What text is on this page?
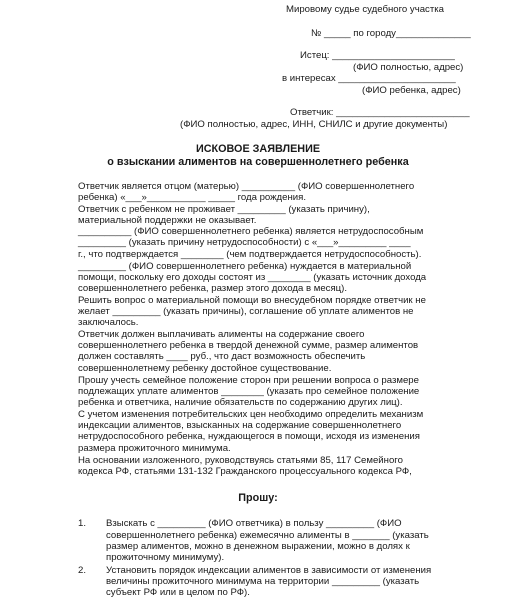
Мировому судье судебного участка
№ _____ по городу______________
Истец: _______________________
(ФИО полностью, адрес)
в интересах ______________________
(ФИО ребенка, адрес)
Ответчик: _________________________
(ФИО полностью, адрес, ИНН, СНИЛС и другие документы)
ИСКОВОЕ ЗАЯВЛЕНИЕ
о взыскании алиментов на совершеннолетнего ребенка
Ответчик является отцом (матерью) __________ (ФИО совершеннолетнего
ребенка) «___»___________ _____ года рождения.
Ответчик с ребенком не проживает _________ (указать причину),
материальной поддержки не оказывает.
__________ (ФИО совершеннолетнего ребенка) является нетрудоспособным
_________ (указать причину нетрудоспособности) с «___»_________ ____
г., что подтверждается ________ (чем подтверждается нетрудоспособность).
_________ (ФИО совершеннолетнего ребенка) нуждается в материальной
помощи, поскольку его доходы состоят из ________ (указать источник дохода
совершеннолетнего ребенка, размер этого дохода в месяц).
Решить вопрос о материальной помощи во внесудебном порядке ответчик не
желает _________ (указать причины), соглашение об уплате алиментов не
заключалось.
Ответчик должен выплачивать алименты на содержание своего
совершеннолетнего ребенка в твердой денежной сумме, размер алиментов
должен составлять ____ руб., что даст возможность обеспечить
совершеннолетнему ребенку достойное существование.
Прошу учесть семейное положение сторон при решении вопроса о размере
подлежащих уплате алиментов ________ (указать про семейное положение
ребенка и ответчика, наличие обязательств по содержанию других лиц).
С учетом изменения потребительских цен необходимо определить механизм
индексации алиментов, взысканных на содержание совершеннолетнего
нетрудоспособного ребенка, нуждающегося в помощи, исходя из изменения
размера прожиточного минимума.
На основании изложенного, руководствуясь статьями 85, 117 Семейного
кодекса РФ, статьями 131-132 Гражданского процессуального кодекса РФ,
Прошу:
1. Взыскать с _________ (ФИО ответчика) в пользу _________ (ФИО
совершеннолетнего ребенка) ежемесячно алименты в _______ (указать
размер алиментов, можно в денежном выражении, можно в долях к
прожиточному минимуму).
2. Установить порядок индексации алиментов в зависимости от изменения
величины прожиточного минимума на территории _________ (указать
субъект РФ или в целом по РФ).
